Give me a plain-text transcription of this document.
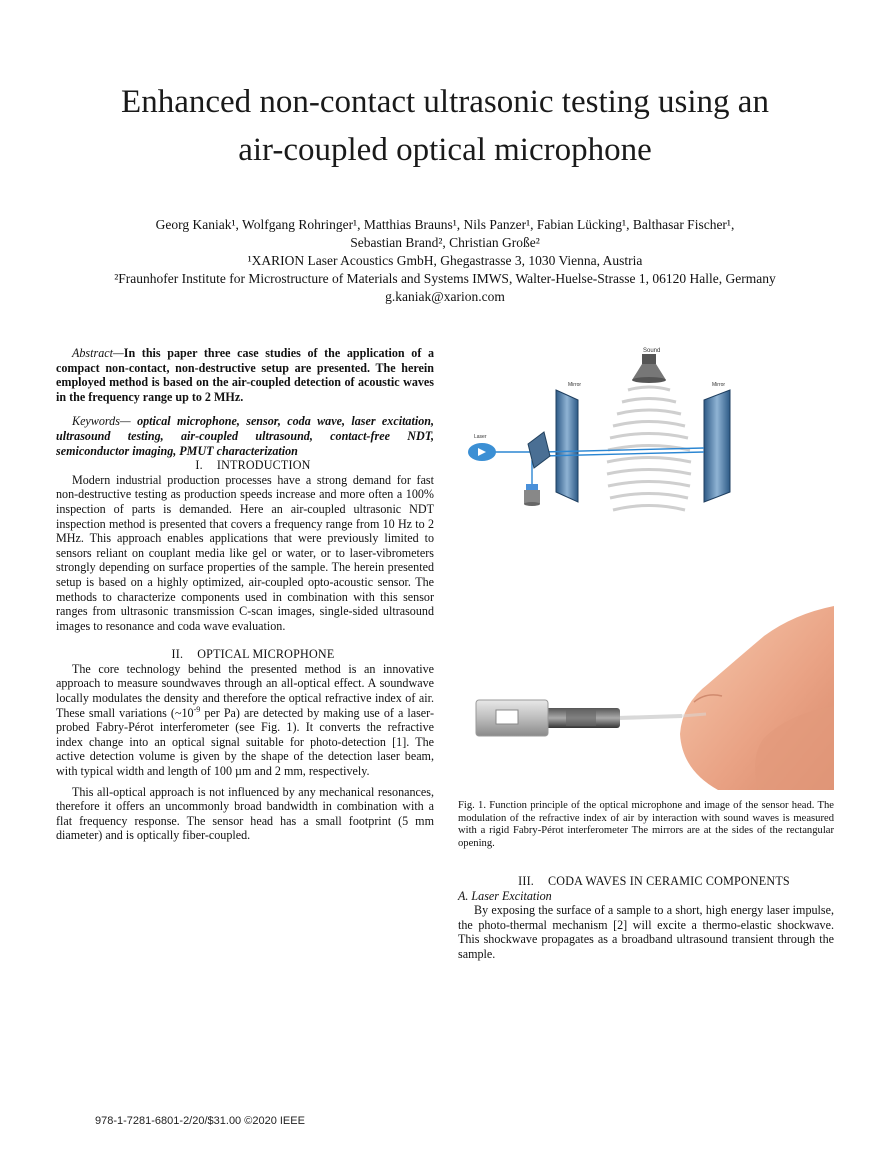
Enhanced non-contact ultrasonic testing using an
air-coupled optical microphone
Georg Kaniak¹, Wolfgang Rohringer¹, Matthias Brauns¹, Nils Panzer¹, Fabian Lücking¹, Balthasar Fischer¹,
Sebastian Brand², Christian Große²
¹XARION Laser Acoustics GmbH, Ghegastrasse 3, 1030 Vienna, Austria
²Fraunhofer Institute for Microstructure of Materials and Systems IMWS, Walter-Huelse-Strasse 1, 06120 Halle, Germany
g.kaniak@xarion.com

Abstract—In this paper three case studies of the application of a compact non-contact, non-destructive setup are presented. The herein employed method is based on the air-coupled detection of acoustic waves in the frequency range up to 2 MHz.

Keywords— optical microphone, sensor, coda wave, laser excitation, ultrasound testing, air-coupled ultrasound, contact-free NDT, semiconductor imaging, PMUT characterization

I. INTRODUCTION

Modern industrial production processes have a strong demand for fast non-destructive testing as production speeds increase and more often a 100% inspection of parts is demanded. Here an air-coupled ultrasonic NDT inspection method is presented that covers a frequency range from 10 Hz to 2 MHz. This approach enables applications that were previously limited to sensors reliant on couplant media like gel or water, or to laser-vibrometers strongly depending on surface properties of the sample. The herein presented setup is based on a highly optimized, air-coupled opto-acoustic sensor. The methods to characterize components used in combination with this sensor ranges from ultrasonic transmission C-scan images, single-sided ultrasound images to resonance and coda wave evaluation.

II. OPTICAL MICROPHONE

The core technology behind the presented method is an innovative approach to measure soundwaves through an all-optical effect. A soundwave locally modulates the density and therefore the optical refractive index of air. These small variations ($\sim 10^{-9}$ per Pa) are detected by making use of a laser-probed Fabry-Pérot interferometer (see Fig. 1). It converts the refractive index change into an optical signal suitable for photo-detection [1]. The active detection volume is given by the shape of the detection laser beam, with typical width and length of 100 µm and 2 mm, respectively.

This all-optical approach is not influenced by any mechanical resonances, therefore it offers an uncommonly broad bandwidth in combination with a flat frequency response. The sensor head has a small footprint (5 mm diameter) and is optically fiber-coupled.

Sound
Mirror	Mirror
Laser

Fig. 1. Function principle of the optical microphone and image of the sensor head. The modulation of the refractive index of air by interaction with sound waves is measured with a rigid Fabry-Pérot interferometer The mirrors are at the sides of the rectangular opening.

III. CODA WAVES IN CERAMIC COMPONENTS

A. Laser Excitation

By exposing the surface of a sample to a short, high energy laser impulse, the photo-thermal mechanism [2] will excite a thermo-elastic shockwave. This shockwave propagates as a broadband ultrasound transient through the sample.

978-1-7281-6801-2/20/$31.00 ©2020 IEEE
